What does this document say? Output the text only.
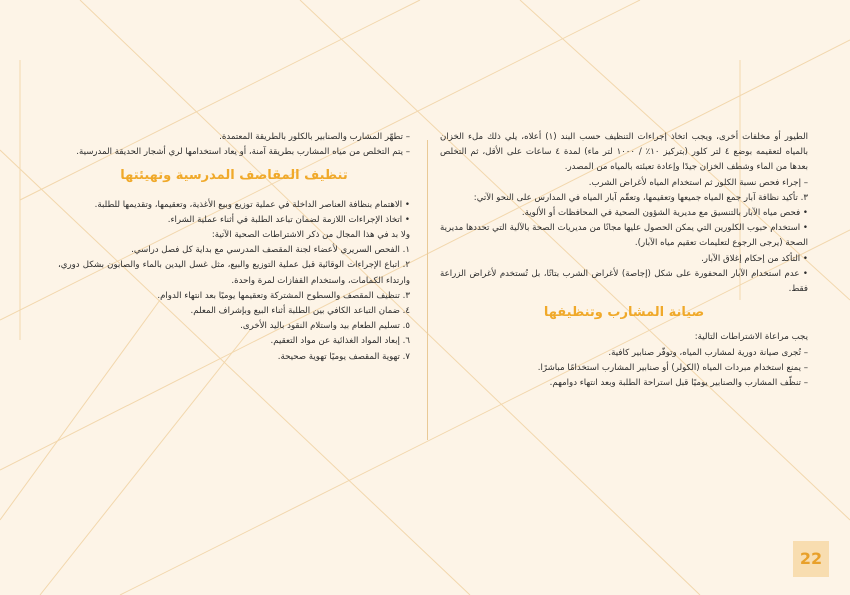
الطيور أو مخلفات أخرى، ويجب اتخاذ إجراءات التنظيف حسب البند (١) أعلاه، يلي ذلك ملء الخزان بالمياه لتعقيمه بوضع ٤ لتر كلور (بتركيز ١٠٪ / ١٠٠٠ لتر ماء) لمدة ٤ ساعات على الأقل، ثم التخلص بعدها من الماء وشطف الخزان جيدًا وإعادة تعبئته بالمياه من المصدر.

– إجراء فحص نسبة الكلور ثم استخدام المياه لأغراض الشرب.

٣. تأكيد نظافة آبار جمع المياه جميعها وتعقيمها، وتعقّم آبار المياه في المدارس على النحو الآتي:

• فحص مياه الآبار بالتنسيق مع مديرية الشؤون الصحية في المحافظات أو الألوية.

• استخدام حبوب الكلورين التي يمكن الحصول عليها مجانًا من مديريات الصحة بالآلية التي تحددها مديرية الصحة (يرجى الرجوع لتعليمات تعقيم مياه الآبار).

• التأكد من إحكام إغلاق الآبار.

• عدم استخدام الآبار المحفورة على شكل (إجاصة) لأغراض الشرب بتاتًا، بل تُستخدم لأغراض الزراعة فقط.

صيانة المشارب وتنظيفها

يجب مراعاة الاشتراطات التالية:

– تُجرى صيانة دورية لمشارب المياه، وتوفّر صنابير كافية.

– يمنع استخدام مبردات المياه (الكولر) أو صنابير المشارب استخدامًا مباشرًا.

– تنظّف المشارب والصنابير يوميًا قبل استراحة الطلبة وبعد انتهاء دوامهم.

– تطهّر المشارب والصنابير بالكلور بالطريقة المعتمدة.

– يتم التخلص من مياه المشارب بطريقة آمنة، أو يعاد استخدامها لري أشجار الحديقة المدرسية.

تنظيف المقاصف المدرسية وتهيئتها

• الاهتمام بنظافة العناصر الداخلة في عملية توزيع وبيع الأغذية، وتعقيمها، وتقديمها للطلبة.

• اتخاذ الإجراءات اللازمة لضمان تباعد الطلبة في أثناء عملية الشراء.

ولا بد في هذا المجال من ذكر الاشتراطات الصحية الآتية:

١. الفحص السريري لأعضاء لجنة المقصف المدرسي مع بداية كل فصل دراسي.

٢. اتباع الإجراءات الوقائية قبل عملية التوزيع والبيع، مثل غسل اليدين بالماء والصابون بشكل دوري، وارتداء الكمامات، واستخدام القفازات لمرة واحدة.

٣. تنظيف المقصف والسطوح المشتركة وتعقيمها يوميًا بعد انتهاء الدوام.

٤. ضمان التباعد الكافي بين الطلبة أثناء البيع وبإشراف المعلم.

٥. تسليم الطعام بيد واستلام النقود باليد الأخرى.

٦. إبعاد المواد الغذائية عن مواد التعقيم.

٧. تهوية المقصف يوميًا تهوية صحيحة.

22
